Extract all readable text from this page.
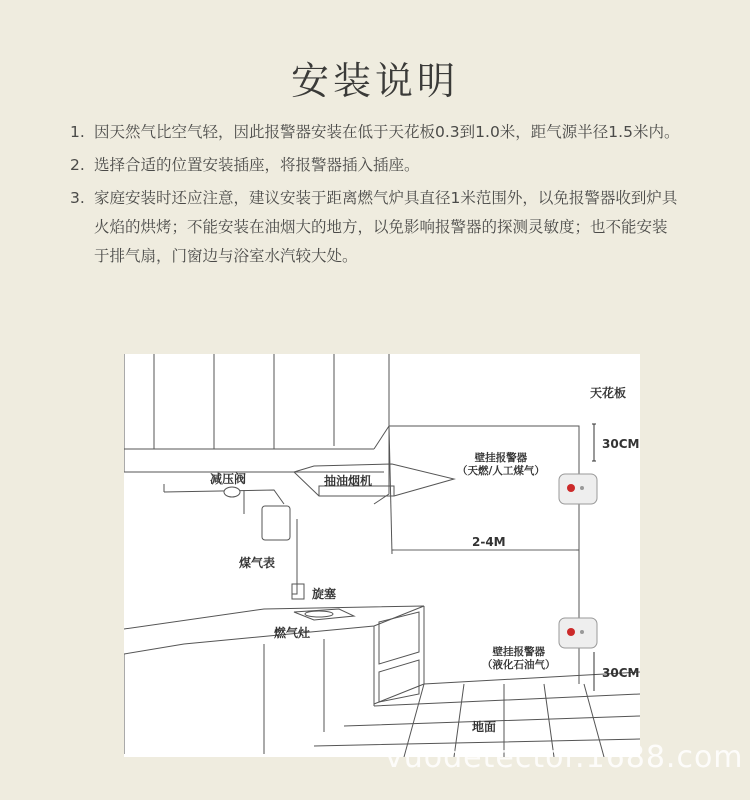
安装说明
1. 因天然气比空气轻，因此报警器安装在低于天花板0.3到1.0米，距气源半径1.5米内。
2. 选择合适的位置安装插座，将报警器插入插座。
3. 家庭安装时还应注意，建议安装于距离燃气炉具直径1米范围外，以免报警器收到炉具火焰的烘烤；不能安装在油烟大的地方，以免影响报警器的探测灵敏度；也不能安装于排气扇，门窗边与浴室水汽较大处。
天花板
30CM
壁挂报警器
（天燃/人工煤气）
减压阀	抽油烟机
煤气表
2-4M
旋塞
燃气灶
壁挂报警器
（液化石油气）
30CM
地面
vuodetector.1688.com
